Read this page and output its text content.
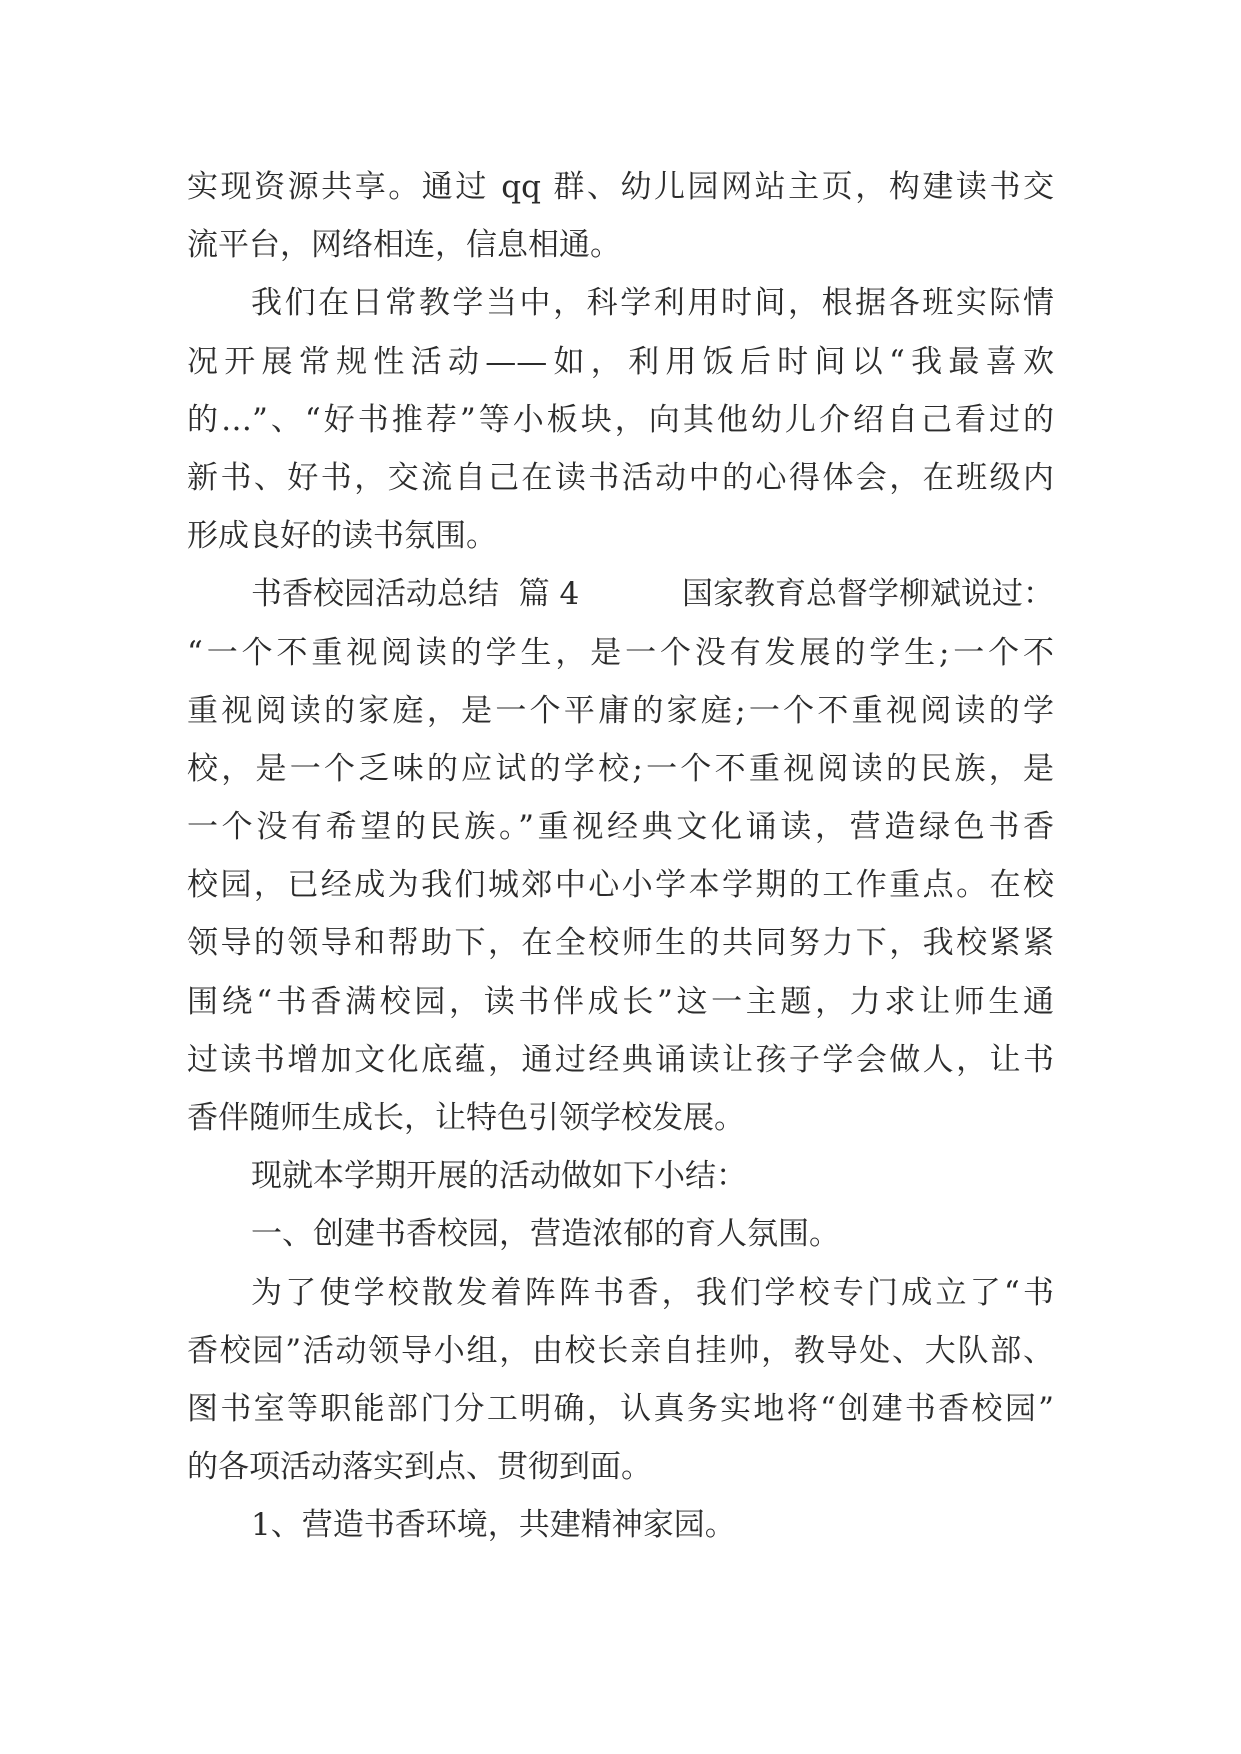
实现资源共享。通过 qq 群、幼儿园网站主页，构建读书交
流平台，网络相连，信息相通。
我们在日常教学当中，科学利用时间，根据各班实际情
况开展常规性活动——如，利用饭后时间以“我最喜欢
的…”、“好书推荐”等小板块，向其他幼儿介绍自己看过的
新书、好书，交流自己在读书活动中的心得体会，在班级内
形成良好的读书氛围。
书香校园活动总结  篇 4	国家教育总督学柳斌说过：
“一个不重视阅读的学生，是一个没有发展的学生;一个不
重视阅读的家庭，是一个平庸的家庭;一个不重视阅读的学
校，是一个乏味的应试的学校;一个不重视阅读的民族，是
一个没有希望的民族。”重视经典文化诵读，营造绿色书香
校园，已经成为我们城郊中心小学本学期的工作重点。在校
领导的领导和帮助下，在全校师生的共同努力下，我校紧紧
围绕“书香满校园，读书伴成长”这一主题，力求让师生通
过读书增加文化底蕴，通过经典诵读让孩子学会做人，让书
香伴随师生成长，让特色引领学校发展。
现就本学期开展的活动做如下小结：
一、创建书香校园，营造浓郁的育人氛围。
为了使学校散发着阵阵书香，我们学校专门成立了“书
香校园”活动领导小组，由校长亲自挂帅，教导处、大队部、
图书室等职能部门分工明确，认真务实地将“创建书香校园”
的各项活动落实到点、贯彻到面。
1、营造书香环境，共建精神家园。
